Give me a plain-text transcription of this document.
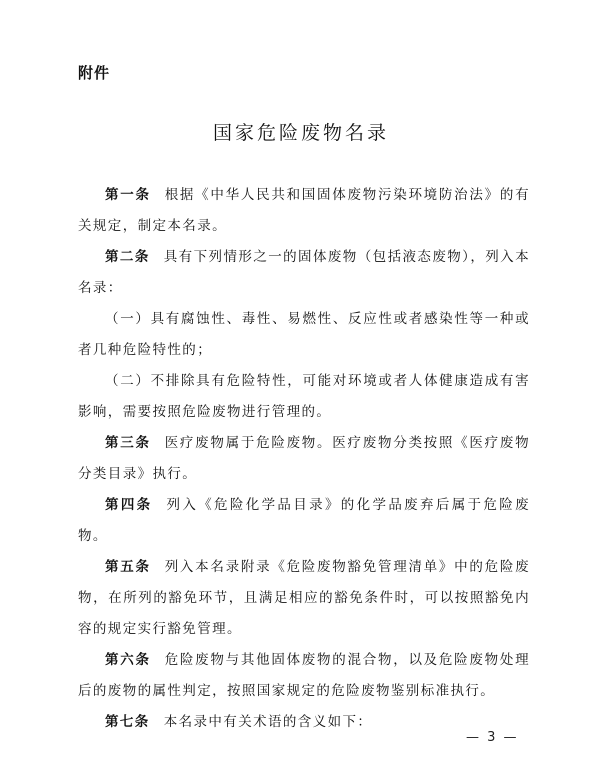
附件
国家危险废物名录

第一条 根据《中华人民共和国固体废物污染环境防治法》的有关规定，制定本名录。

第二条 具有下列情形之一的固体废物（包括液态废物），列入本名录：

（一）具有腐蚀性、毒性、易燃性、反应性或者感染性等一种或者几种危险特性的；

（二）不排除具有危险特性，可能对环境或者人体健康造成有害影响，需要按照危险废物进行管理的。

第三条 医疗废物属于危险废物。医疗废物分类按照《医疗废物分类目录》执行。

第四条 列入《危险化学品目录》的化学品废弃后属于危险废物。

第五条 列入本名录附录《危险废物豁免管理清单》中的危险废物，在所列的豁免环节，且满足相应的豁免条件时，可以按照豁免内容的规定实行豁免管理。

第六条 危险废物与其他固体废物的混合物，以及危险废物处理后的废物的属性判定，按照国家规定的危险废物鉴别标准执行。

第七条 本名录中有关术语的含义如下：

— 3 —
